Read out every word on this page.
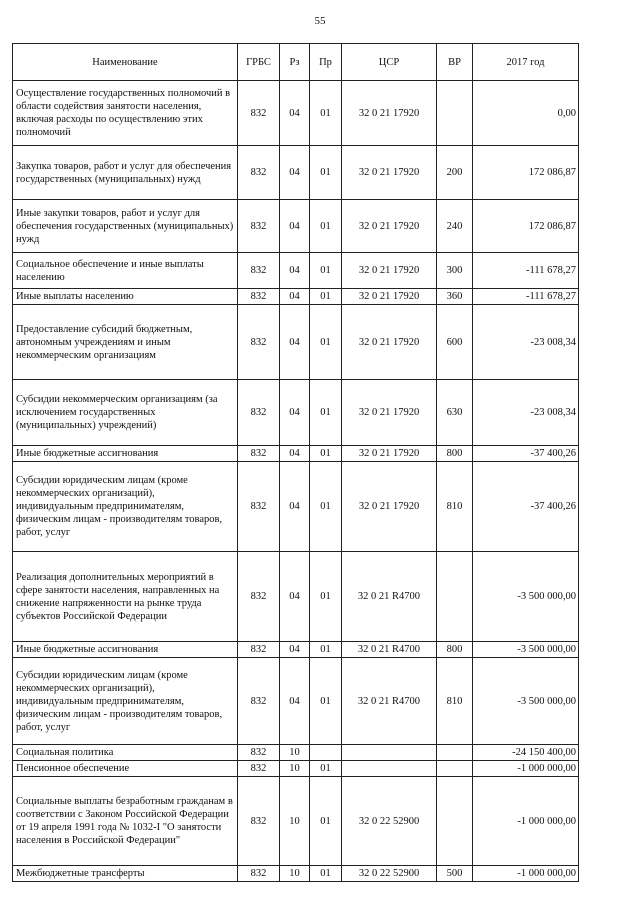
55
Наименование	ГРБС	Рз	Пр	ЦСР	ВР	2017 год
Осуществление государственных полномочий в области содействия занятости населения, включая расходы по осуществлению этих полномочий	832	04	01	32 0 21 17920		0,00
Закупка товаров, работ и услуг для обеспечения государственных (муниципальных) нужд	832	04	01	32 0 21 17920	200	172 086,87
Иные закупки товаров, работ и услуг для обеспечения государственных (муниципальных) нужд	832	04	01	32 0 21 17920	240	172 086,87
Социальное обеспечение и иные выплаты населению	832	04	01	32 0 21 17920	300	-111 678,27
Иные выплаты населению	832	04	01	32 0 21 17920	360	-111 678,27
Предоставление субсидий бюджетным, автономным учреждениям и иным некоммерческим организациям	832	04	01	32 0 21 17920	600	-23 008,34
Субсидии некоммерческим организациям (за исключением государственных (муниципальных) учреждений)	832	04	01	32 0 21 17920	630	-23 008,34
Иные бюджетные ассигнования	832	04	01	32 0 21 17920	800	-37 400,26
Субсидии юридическим лицам (кроме некоммерческих организаций), индивидуальным предпринимателям, физическим лицам - производителям товаров, работ, услуг	832	04	01	32 0 21 17920	810	-37 400,26
Реализация дополнительных мероприятий в сфере занятости населения, направленных на снижение напряженности на рынке труда субъектов Российской Федерации	832	04	01	32 0 21 R4700		-3 500 000,00
Иные бюджетные ассигнования	832	04	01	32 0 21 R4700	800	-3 500 000,00
Субсидии юридическим лицам (кроме некоммерческих организаций), индивидуальным предпринимателям, физическим лицам - производителям товаров, работ, услуг	832	04	01	32 0 21 R4700	810	-3 500 000,00
Социальная политика	832	10				-24 150 400,00
Пенсионное обеспечение	832	10	01			-1 000 000,00
Социальные выплаты безработным гражданам в соответствии с Законом Российской Федерации от 19 апреля 1991 года № 1032-I "О занятости населения в Российской Федерации"	832	10	01	32 0 22 52900		-1 000 000,00
Межбюджетные трансферты	832	10	01	32 0 22 52900	500	-1 000 000,00
